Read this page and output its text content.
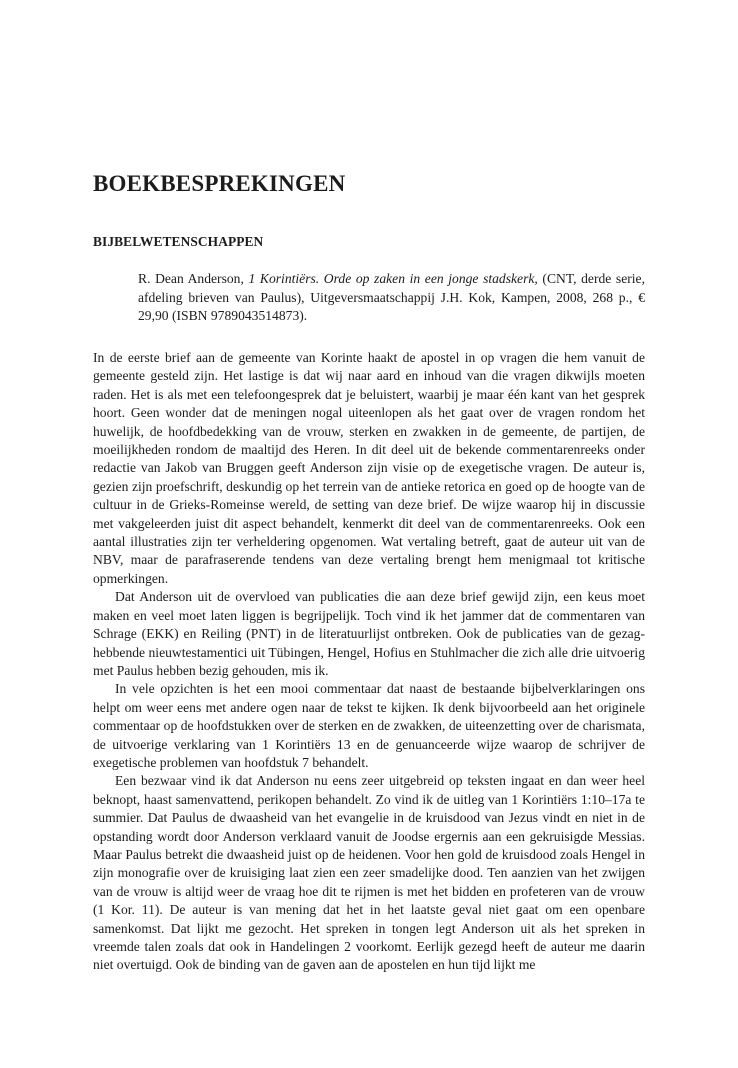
BOEKBESPREKINGEN
BIJBELWETENSCHAPPEN

R. Dean Anderson, 1 Korintiërs. Orde op zaken in een jonge stadskerk, (CNT, derde serie, afdeling brieven van Paulus), Uitgeversmaatschappij J.H. Kok, Kampen, 2008, 268 p., € 29,90 (ISBN 9789043514873).

In de eerste brief aan de gemeente van Korinte haakt de apostel in op vragen die hem vanuit de gemeente gesteld zijn. Het lastige is dat wij naar aard en inhoud van die vragen dikwijls moeten raden. Het is als met een telefoongesprek dat je beluistert, waarbij je maar één kant van het gesprek hoort. Geen wonder dat de meningen nogal uiteenlopen als het gaat over de vragen rondom het huwelijk, de hoofdbedekking van de vrouw, sterken en zwakken in de gemeente, de partijen, de moeilijkheden rondom de maaltijd des Heren. In dit deel uit de bekende commentarenreeks onder redactie van Jakob van Bruggen geeft Anderson zijn visie op de exegetische vragen. De auteur is, gezien zijn proefschrift, deskundig op het terrein van de antieke retorica en goed op de hoogte van de cultuur in de Grieks-Romeinse wereld, de setting van deze brief. De wijze waarop hij in discussie met vakgeleerden juist dit aspect behandelt, kenmerkt dit deel van de commentarenreeks. Ook een aantal illustraties zijn ter verheldering opgenomen. Wat vertaling betreft, gaat de auteur uit van de NBV, maar de parafraserende tendens van deze vertaling brengt hem menigmaal tot kritische opmerkingen.

Dat Anderson uit de overvloed van publicaties die aan deze brief gewijd zijn, een keus moet maken en veel moet laten liggen is begrijpelijk. Toch vind ik het jammer dat de commentaren van Schrage (EKK) en Reiling (PNT) in de literatuurlijst ontbreken. Ook de publicaties van de gezaghebbende nieuwtestamentici uit Tübingen, Hengel, Hofius en Stuhlmacher die zich alle drie uitvoerig met Paulus hebben bezig gehouden, mis ik.

In vele opzichten is het een mooi commentaar dat naast de bestaande bijbelverklaringen ons helpt om weer eens met andere ogen naar de tekst te kijken. Ik denk bijvoorbeeld aan het originele commentaar op de hoofdstukken over de sterken en de zwakken, de uiteenzetting over de charismata, de uitvoerige verklaring van 1 Korintiërs 13 en de genuanceerde wijze waarop de schrijver de exegetische problemen van hoofdstuk 7 behandelt.

Een bezwaar vind ik dat Anderson nu eens zeer uitgebreid op teksten ingaat en dan weer heel beknopt, haast samenvattend, perikopen behandelt. Zo vind ik de uitleg van 1 Korintiërs 1:10–17a te summier. Dat Paulus de dwaasheid van het evangelie in de kruisdood van Jezus vindt en niet in de opstanding wordt door Anderson verklaard vanuit de Joodse ergernis aan een gekruisigde Messias. Maar Paulus betrekt die dwaasheid juist op de heidenen. Voor hen gold de kruisdood zoals Hengel in zijn monografie over de kruisiging laat zien een zeer smadelijke dood. Ten aanzien van het zwijgen van de vrouw is altijd weer de vraag hoe dit te rijmen is met het bidden en profeteren van de vrouw (1 Kor. 11). De auteur is van mening dat het in het laatste geval niet gaat om een openbare samenkomst. Dat lijkt me gezocht. Het spreken in tongen legt Anderson uit als het spreken in vreemde talen zoals dat ook in Handelingen 2 voorkomt. Eerlijk gezegd heeft de auteur me daarin niet overtuigd. Ook de binding van de gaven aan de apostelen en hun tijd lijkt me
